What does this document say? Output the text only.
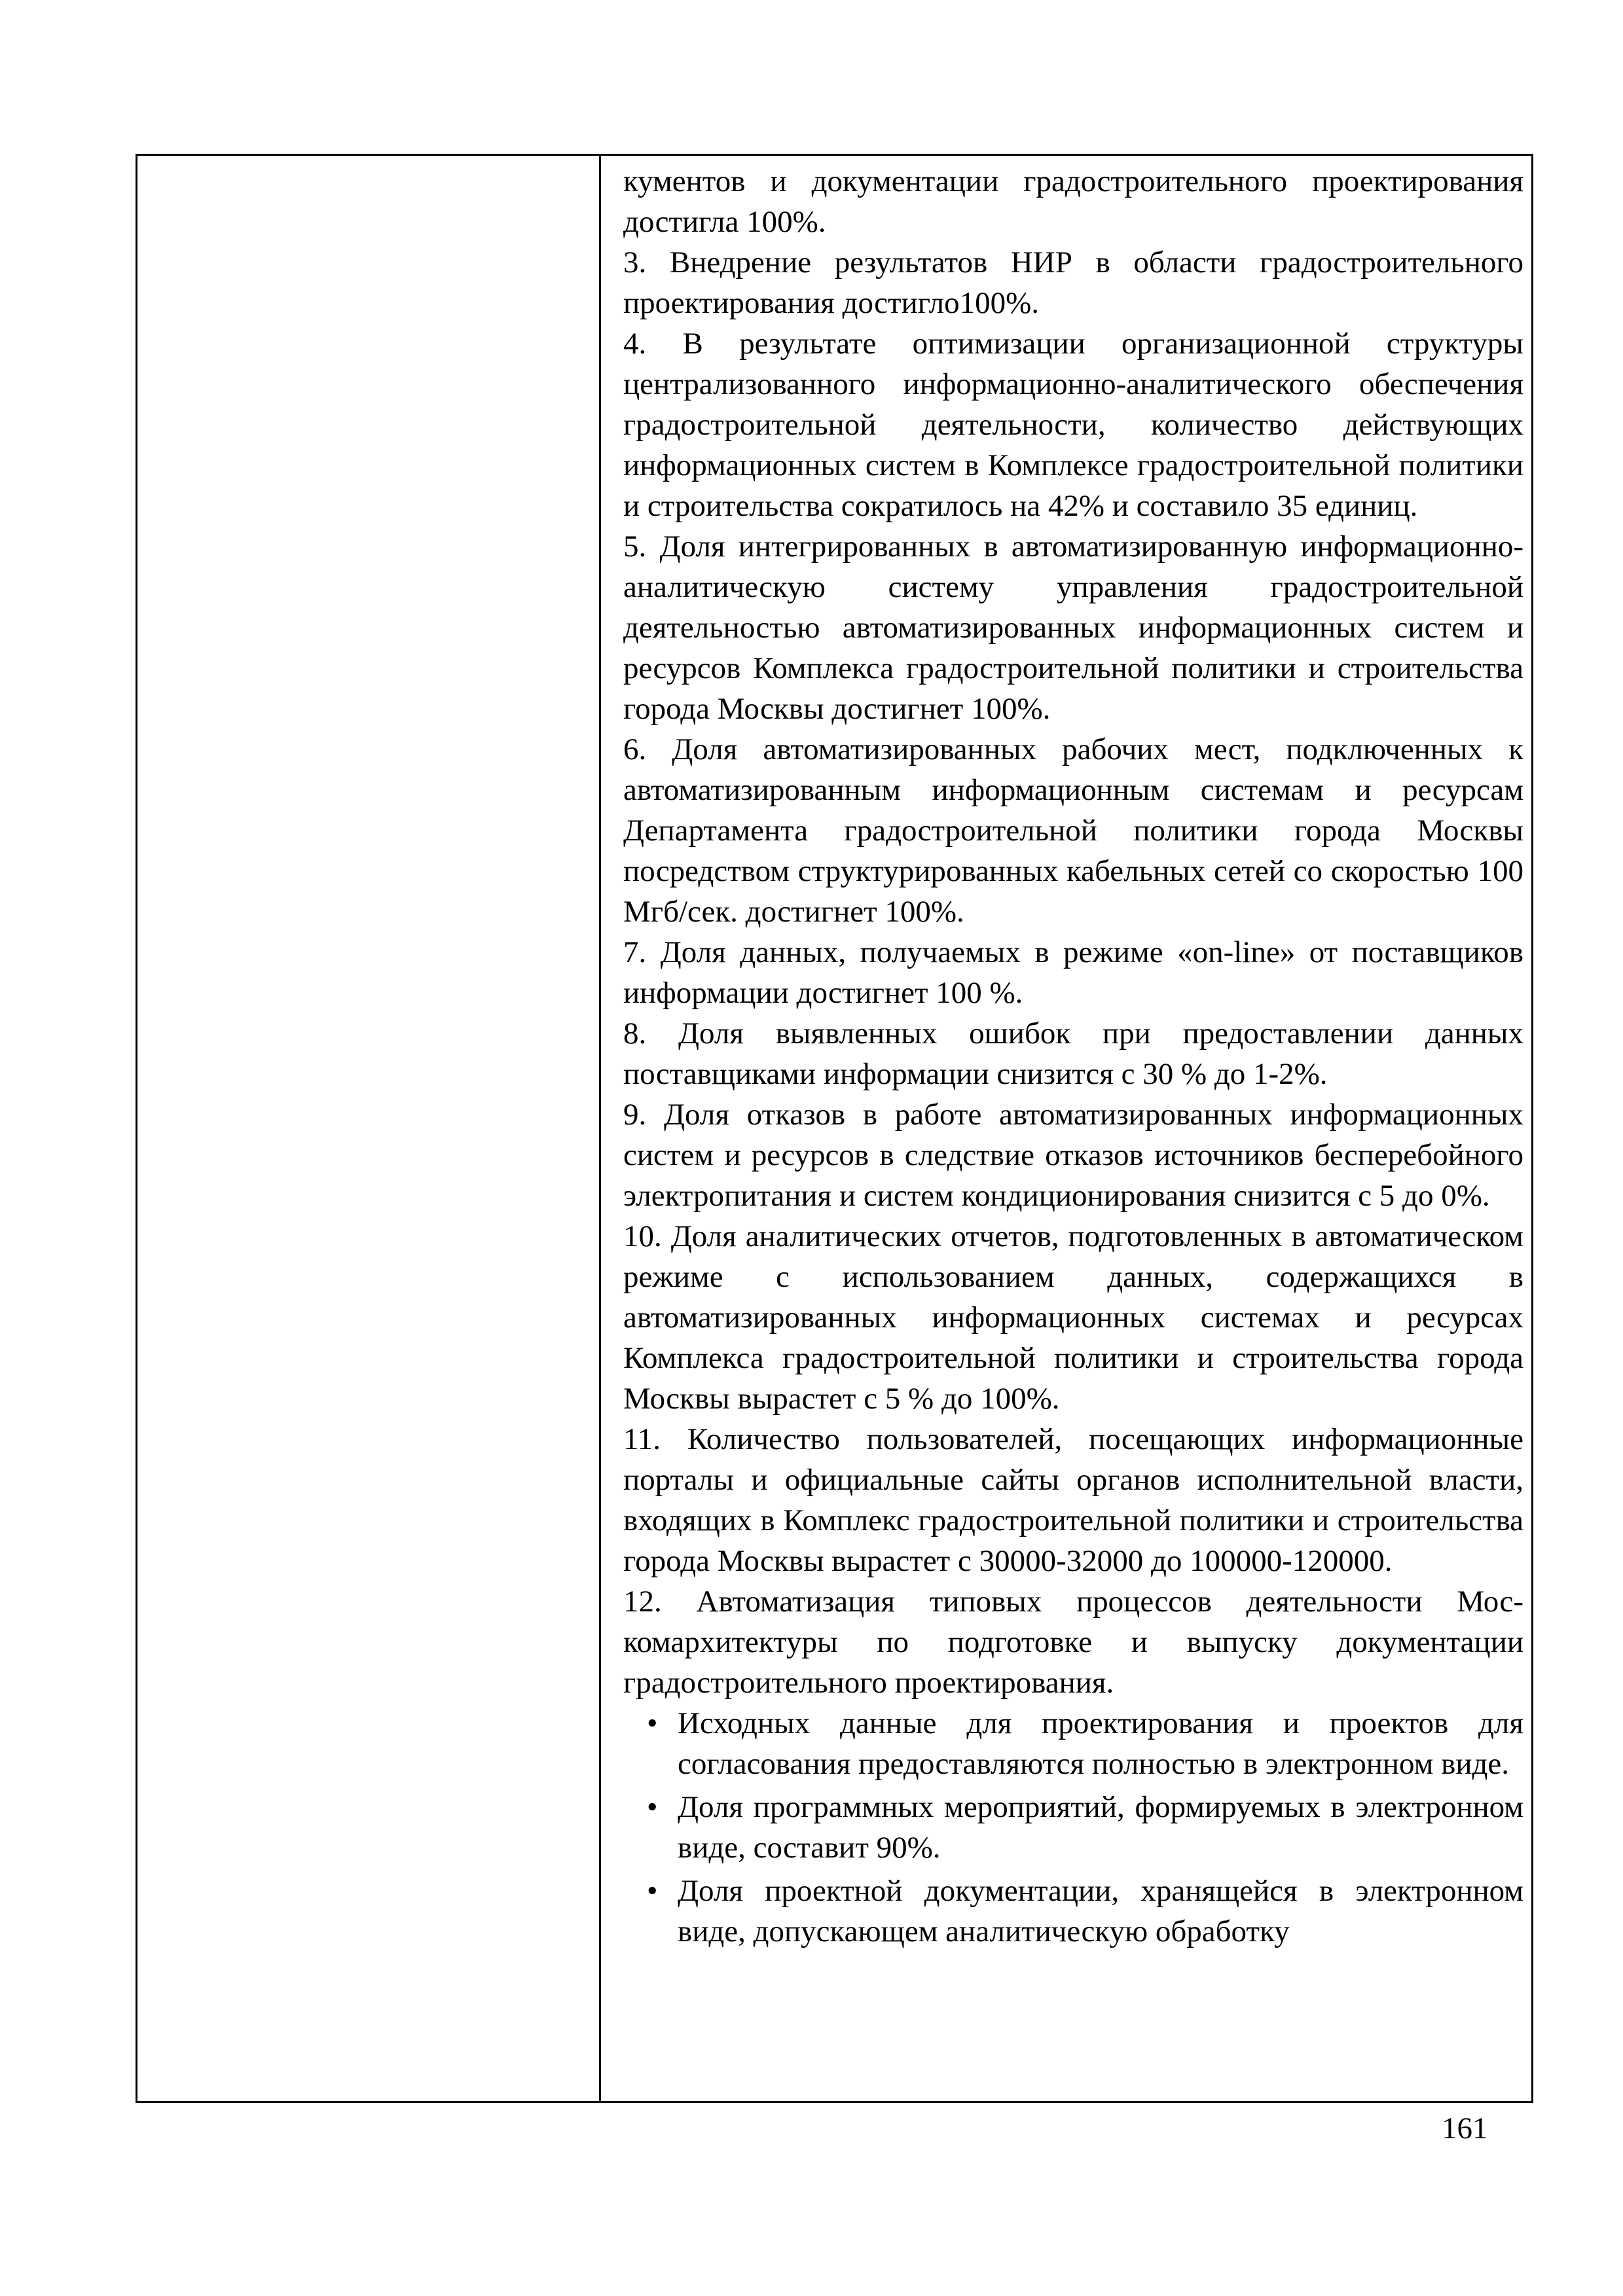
кументов и документации градостроительного проектирования достигла 100%.

3. Внедрение результатов НИР в области градостроительного проектирования достигло100%.

4. В результате оптимизации организационной структуры централизованного информационно-аналитического обеспечения градостроительной деятельности, количество действующих информационных систем в Комплексе градостроительной политики и строительства сократилось на 42% и составило 35 единиц.

5. Доля интегрированных в автоматизированную информационно-аналитическую систему управления градостроительной деятельностью автоматизированных информационных систем и ресурсов Комплекса градостроительной политики и строительства города Москвы достигнет 100%.

6. Доля автоматизированных рабочих мест, подключенных к автоматизированным информационным системам и ресурсам Департамента градостроительной политики города Москвы посредством структурированных кабельных сетей со скоростью 100 Мгб/сек. достигнет 100%.

7. Доля данных, получаемых в режиме «on-line» от поставщиков информации достигнет 100 %.

8. Доля выявленных ошибок при предоставлении данных поставщиками информации снизится с 30 % до 1-2%.

9. Доля отказов в работе автоматизированных информационных систем и ресурсов в следствие отказов источников бесперебойного электропитания и систем кондиционирования снизится с 5 до 0%.

10. Доля аналитических отчетов, подготовленных в автоматическом режиме с использованием данных, содержащихся в автоматизированных информационных системах и ресурсах Комплекса градостроительной политики и строительства города Москвы вырастет с 5 % до 100%.

11. Количество пользователей, посещающих информационные порталы и официальные сайты органов исполнительной власти, входящих в Комплекс градостроительной политики и строительства города Москвы вырастет с 30000-32000 до 100000-120000.

12. Автоматизация типовых процессов деятельности Москомархитектуры по подготовке и выпуску документации градостроительного проектирования.

• Исходных данные для проектирования и проектов для согласования предоставляются полностью в электронном виде.
• Доля программных мероприятий, формируемых в электронном виде, составит 90%.
• Доля проектной документации, хранящейся в электронном виде, допускающем аналитическую обработку
161
